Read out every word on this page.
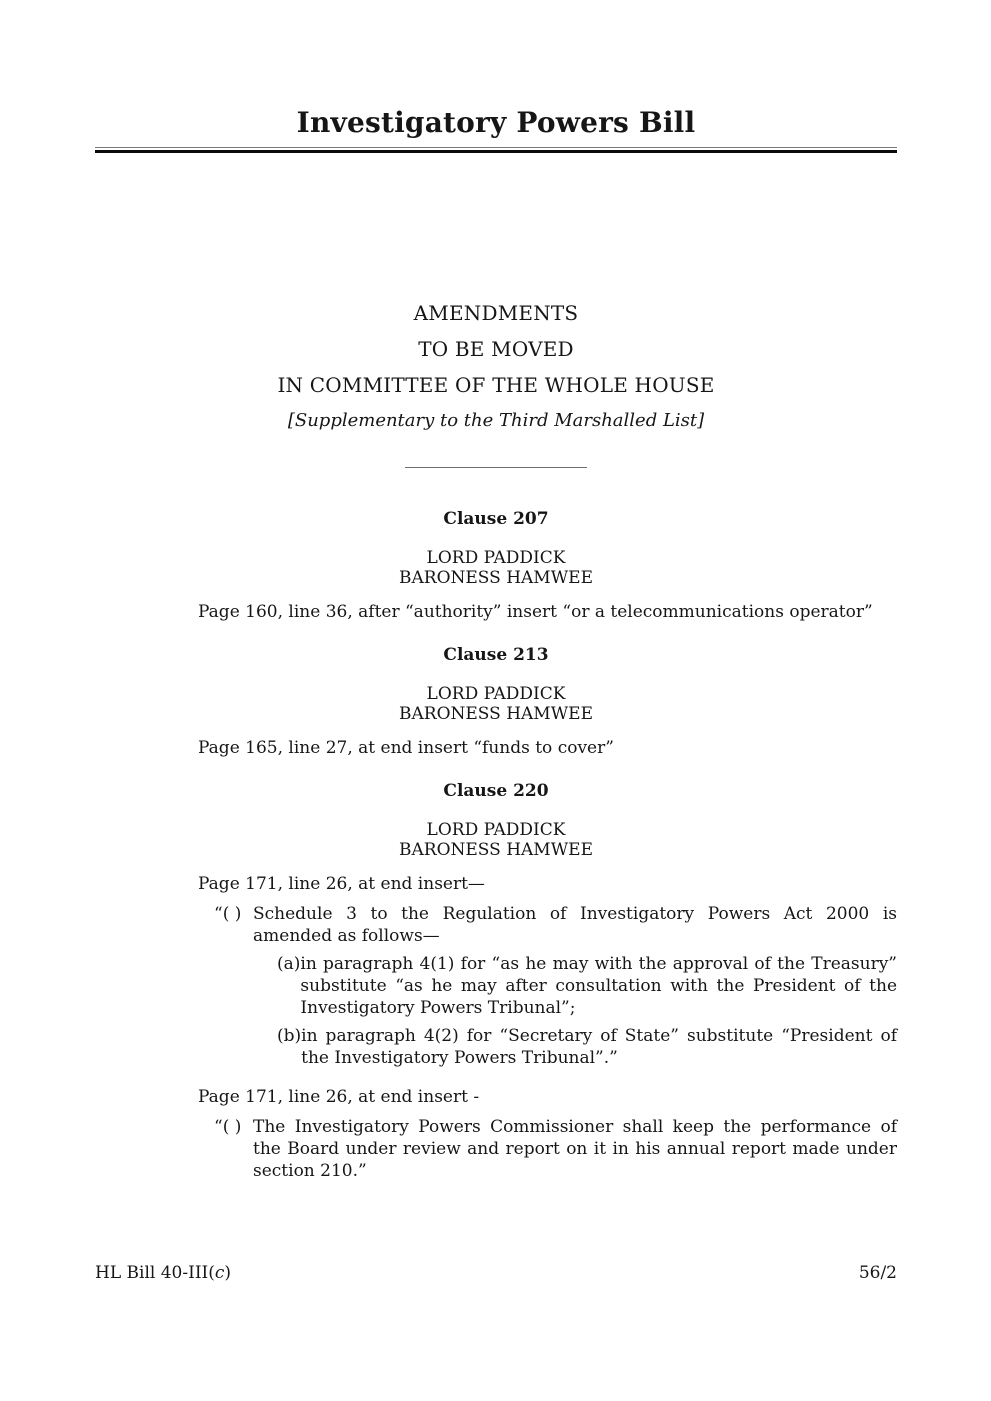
Investigatory Powers Bill
AMENDMENTS
TO BE MOVED
IN COMMITTEE OF THE WHOLE HOUSE
[Supplementary to the Third Marshalled List]
Clause 207
LORD PADDICK
BARONESS HAMWEE

Page 160, line 36, after “authority” insert “or a telecommunications operator”

Clause 213
LORD PADDICK
BARONESS HAMWEE

Page 165, line 27, at end insert “funds to cover”

Clause 220
LORD PADDICK
BARONESS HAMWEE

Page 171, line 26, at end insert—

“( ) Schedule 3 to the Regulation of Investigatory Powers Act 2000 is amended as follows—
(a) in paragraph 4(1) for “as he may with the approval of the Treasury” substitute “as he may after consultation with the President of the Investigatory Powers Tribunal”;
(b) in paragraph 4(2) for “Secretary of State” substitute “President of the Investigatory Powers Tribunal”.”

Page 171, line 26, at end insert -

“( ) The Investigatory Powers Commissioner shall keep the performance of the Board under review and report on it in his annual report made under section 210.”
HL Bill 40-III(c)	56/2
